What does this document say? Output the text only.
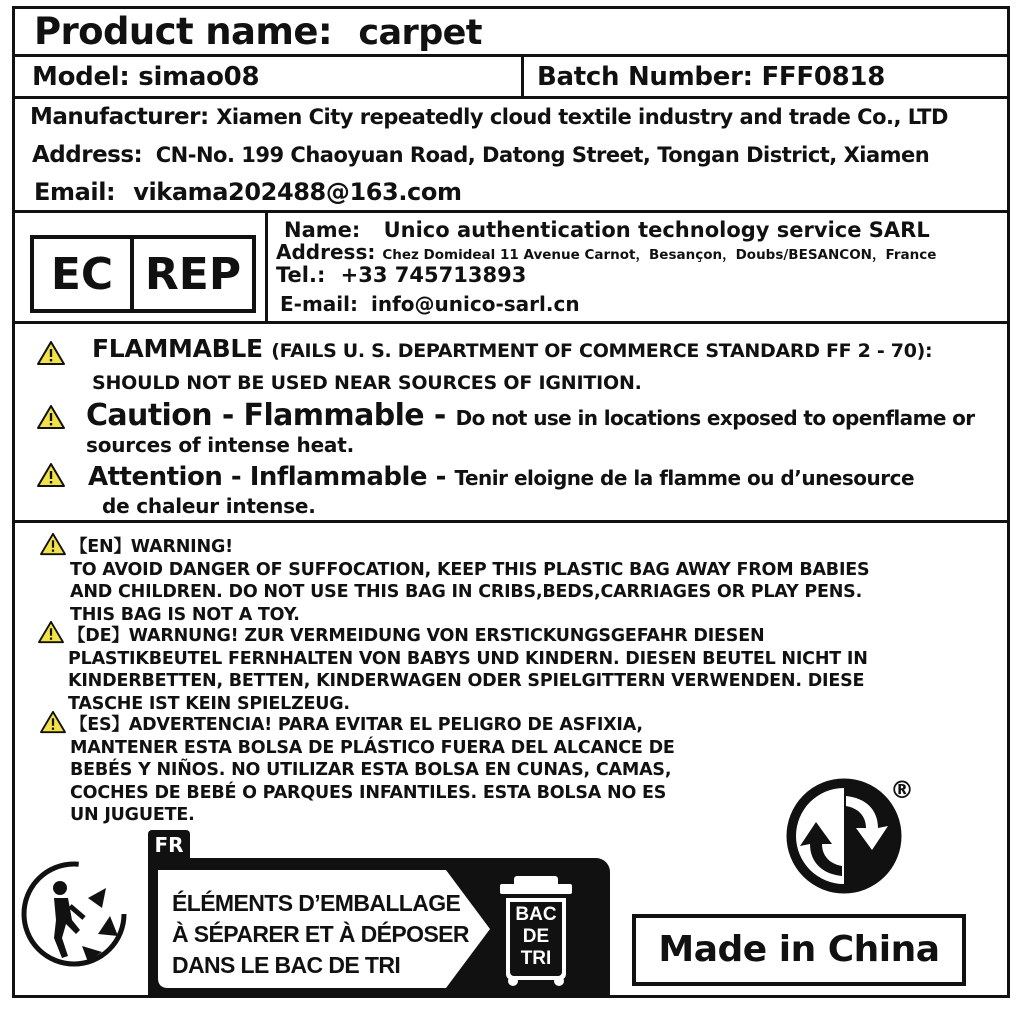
Product name: carpet
Model: simao08	Batch Number: FFF0818
Manufacturer: Xiamen City repeatedly cloud textile industry and trade Co., LTD
Address: CN-No. 199 Chaoyuan Road, Datong Street, Tongan District, Xiamen
Email: vikama202488@163.com
EC REP
Name: Unico authentication technology service SARL
Address: Chez Domideal 11 Avenue Carnot，Besançon，Doubs/BESANCON，France
Tel.: +33 745713893
E-mail: info@unico-sarl.cn
FLAMMABLE (FAILS U. S. DEPARTMENT OF COMMERCE STANDARD FF 2 - 70):
SHOULD NOT BE USED NEAR SOURCES OF IGNITION.
Caution - Flammable - Do not use in locations exposed to openflame or
sources of intense heat.
Attention - Inflammable - Tenir eloigne de la flamme ou d’unesource
de chaleur intense.
【EN】WARNING!
TO AVOID DANGER OF SUFFOCATION, KEEP THIS PLASTIC BAG AWAY FROM BABIES
AND CHILDREN. DO NOT USE THIS BAG IN CRIBS,BEDS,CARRIAGES OR PLAY PENS.
THIS BAG IS NOT A TOY.
【DE】WARNUNG! ZUR VERMEIDUNG VON ERSTICKUNGSGEFAHR DIESEN
PLASTIKBEUTEL FERNHALTEN VON BABYS UND KINDERN. DIESEN BEUTEL NICHT IN
KINDERBETTEN, BETTEN, KINDERWAGEN ODER SPIELGITTERN VERWENDEN. DIESE
TASCHE IST KEIN SPIELZEUG.
【ES】ADVERTENCIA! PARA EVITAR EL PELIGRO DE ASFIXIA,
MANTENER ESTA BOLSA DE PLÁSTICO FUERA DEL ALCANCE DE
BEBÉS Y NIÑOS. NO UTILIZAR ESTA BOLSA EN CUNAS, CAMAS,
COCHES DE BEBÉ O PARQUES INFANTILES. ESTA BOLSA NO ES
UN JUGUETE.
®
FR
ÉLÉMENTS D’EMBALLAGE
À SÉPARER ET À DÉPOSER
DANS LE BAC DE TRI
BAC
DE
TRI	Made in China
